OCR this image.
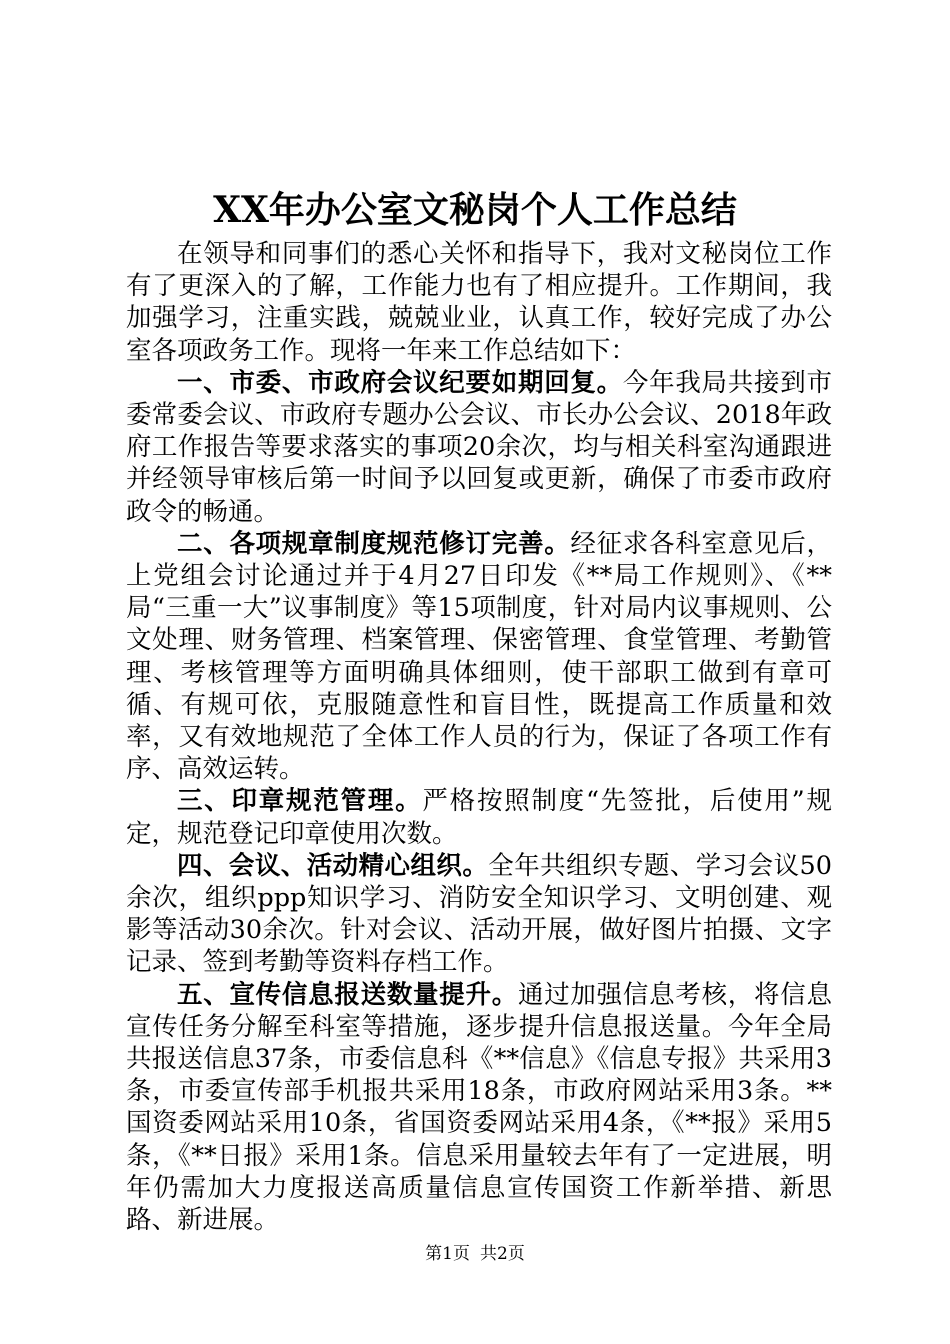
XX年办公室文秘岗个人工作总结

在领导和同事们的悉心关怀和指导下，我对文秘岗位工作有了更深入的了解，工作能力也有了相应提升。工作期间，我加强学习，注重实践，兢兢业业，认真工作，较好完成了办公室各项政务工作。现将一年来工作总结如下：

一、市委、市政府会议纪要如期回复。今年我局共接到市委常委会议、市政府专题办公会议、市长办公会议、2018年政府工作报告等要求落实的事项20余次，均与相关科室沟通跟进并经领导审核后第一时间予以回复或更新，确保了市委市政府政令的畅通。

二、各项规章制度规范修订完善。经征求各科室意见后，上党组会讨论通过并于4月27日印发《**局工作规则》、《**局“三重一大”议事制度》等15项制度，针对局内议事规则、公文处理、财务管理、档案管理、保密管理、食堂管理、考勤管理、考核管理等方面明确具体细则，使干部职工做到有章可循、有规可依，克服随意性和盲目性，既提高工作质量和效率，又有效地规范了全体工作人员的行为，保证了各项工作有序、高效运转。

三、印章规范管理。严格按照制度“先签批，后使用”规定，规范登记印章使用次数。

四、会议、活动精心组织。全年共组织专题、学习会议50余次，组织ppp知识学习、消防安全知识学习、文明创建、观影等活动30余次。针对会议、活动开展，做好图片拍摄、文字记录、签到考勤等资料存档工作。

五、宣传信息报送数量提升。通过加强信息考核，将信息宣传任务分解至科室等措施，逐步提升信息报送量。今年全局共报送信息37条，市委信息科《**信息》《信息专报》共采用3条，市委宣传部手机报共采用18条，市政府网站采用3条。**国资委网站采用10条，省国资委网站采用4条，《**报》采用5条，《**日报》采用1条。信息采用量较去年有了一定进展，明年仍需加大力度报送高质量信息宣传国资工作新举措、新思路、新进展。

第1页 共2页
